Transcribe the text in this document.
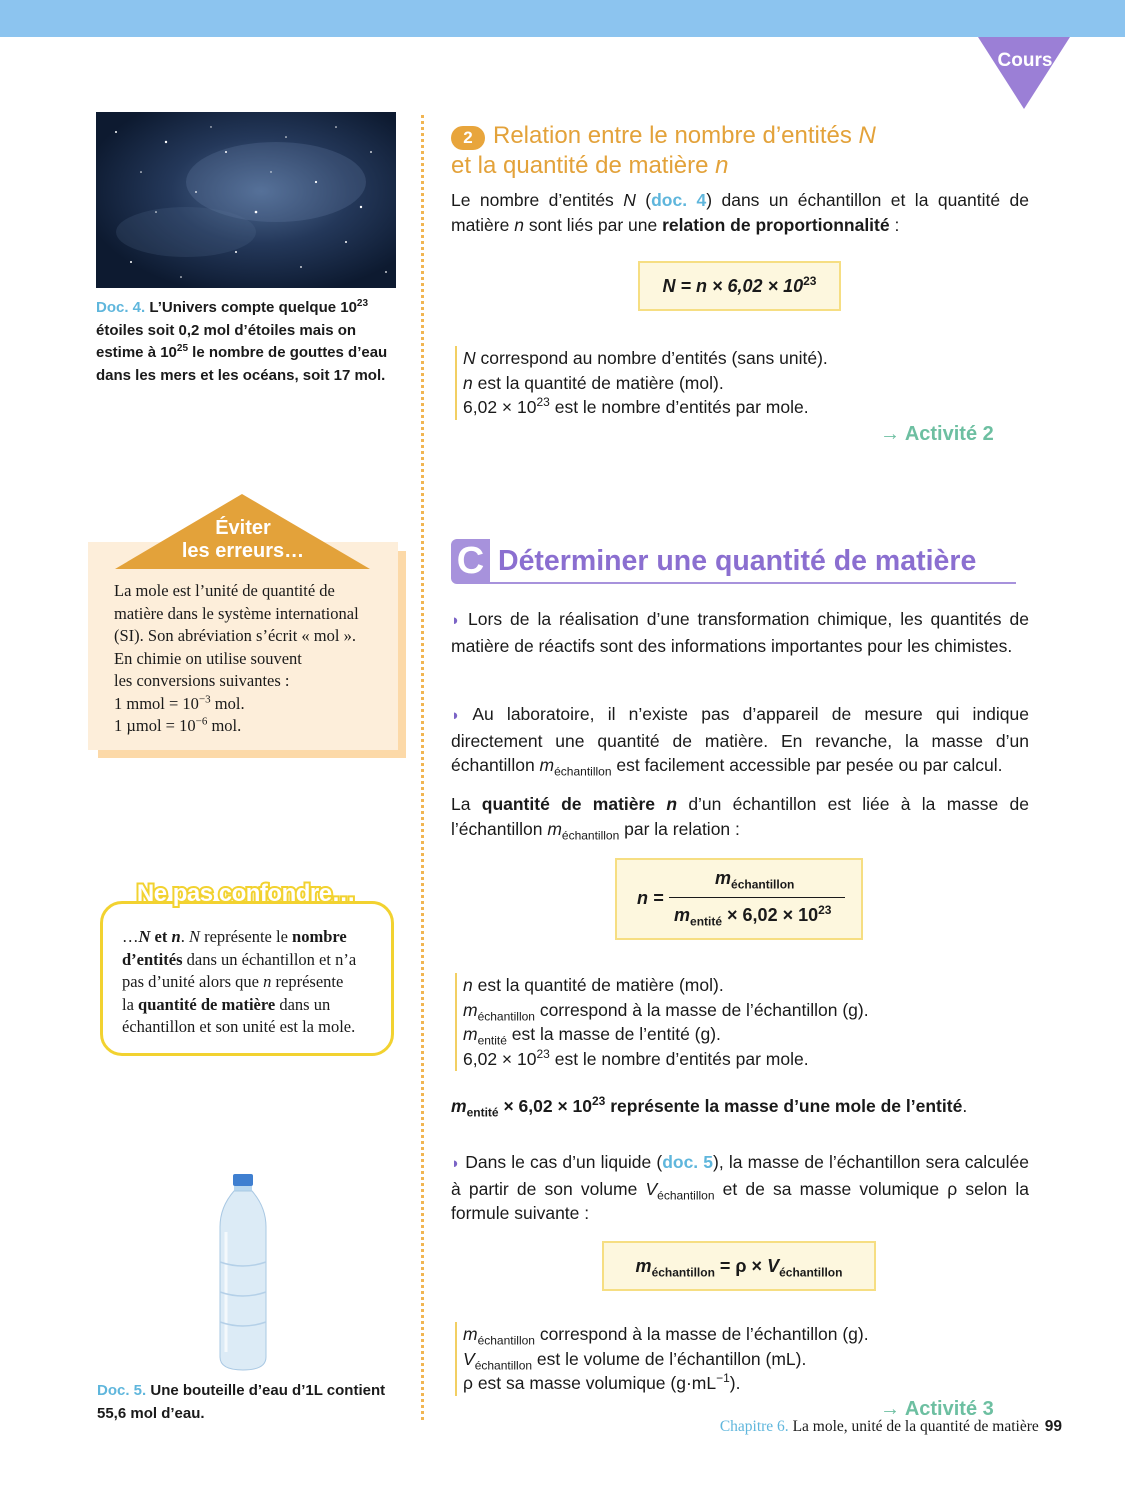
Cours
Doc. 4. L’Univers compte quelque $10^{23}$
étoiles soit 0,2 mol d’étoiles mais on
estime à $10^{25}$ le nombre de gouttes d’eau
dans les mers et les océans, soit 17 mol.
Éviter
les erreurs…
La mole est l’unité de quantité de
matière dans le système international
(SI). Son abréviation s’écrit « mol ».
En chimie on utilise souvent
les conversions suivantes :
1 mmol = $10^{-3}$ mol.
1 $\mu mol = 10^{-6}$ mol.
Ne pas confondre…
…N et n. N représente le nombre
d’entités dans un échantillon et n’a
pas d’unité alors que n représente
la quantité de matière dans un
échantillon et son unité est la mole.
Doc. 5. Une bouteille d’eau d’1L contient
55,6 mol d’eau.
Relation entre le nombre d’entités N
et la quantité de matière n
2
Le nombre d’entités N (doc. 4) dans un échantillon et la quantité de matière n sont liés par une relation de proportionnalité :
$N = n \times 6,02 \times 10^{23}$
N correspond au nombre d’entités (sans unité).
n est la quantité de matière (mol).
$6,02 \times 10^{23}$ est le nombre d’entités par mole.
→ Activité 2
C Déterminer une quantité de matière
◗ Lors de la réalisation d’une transformation chimique, les quantités de matière de réactifs sont des informations importantes pour les chimistes.
◗ Au laboratoire, il n’existe pas d’appareil de mesure qui indique directement une quantité de matière. En revanche, la masse d’un échantillon $m_{échantillon}$ est facilement accessible par pesée ou par calcul.
La quantité de matière n d’un échantillon est liée à la masse de l’échantillon $m_{échantillon}$ par la relation :
n =
$m_{échantillon}$
$m_{entité} \times 6,02 \times 10^{23}$
n est la quantité de matière (mol).
$m_{échantillon}$ correspond à la masse de l’échantillon (g).
$m_{entité}$ est la masse de l’entité (g).
$6,02 \times 10^{23}$ est le nombre d’entités par mole.
$m_{entité} \times 6,02 \times 10^{23}$ représente la masse d’une mole de l’entité.
◗ Dans le cas d’un liquide (doc. 5), la masse de l’échantillon sera calculée à partir de son volume $V_{échantillon}$ et de sa masse volumique ρ selon la formule suivante :
$m_{échantillon} = \rho \times V_{échantillon}$
$m_{échantillon}$ correspond à la masse de l’échantillon (g).
$V_{échantillon}$ est le volume de l’échantillon (mL).
ρ est sa masse volumique $(g\cdot mL^{-1})$.
→ Activité 3
Chapitre 6. La mole, unité de la quantité de matière 99
